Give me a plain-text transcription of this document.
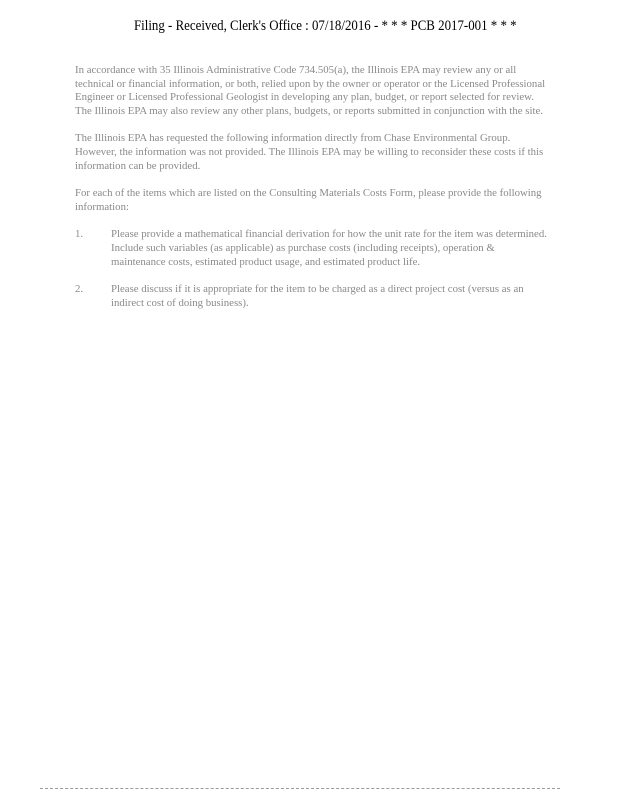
Filing - Received, Clerk's Office : 07/18/2016 - * * * PCB 2017-001 * * *

In accordance with 35 Illinois Administrative Code 734.505(a), the Illinois EPA may review any or all technical or financial information, or both, relied upon by the owner or operator or the Licensed Professional Engineer or Licensed Professional Geologist in developing any plan, budget, or report selected for review. The Illinois EPA may also review any other plans, budgets, or reports submitted in conjunction with the site.

The Illinois EPA has requested the following information directly from Chase Environmental Group. However, the information was not provided. The Illinois EPA may be willing to reconsider these costs if this information can be provided.

For each of the items which are listed on the Consulting Materials Costs Form, please provide the following information:

1.	Please provide a mathematical financial derivation for how the unit rate for the item was determined. Include such variables (as applicable) as purchase costs (including receipts), operation & maintenance costs, estimated product usage, and estimated product life.
2.	Please discuss if it is appropriate for the item to be charged as a direct project cost (versus as an indirect cost of doing business).
